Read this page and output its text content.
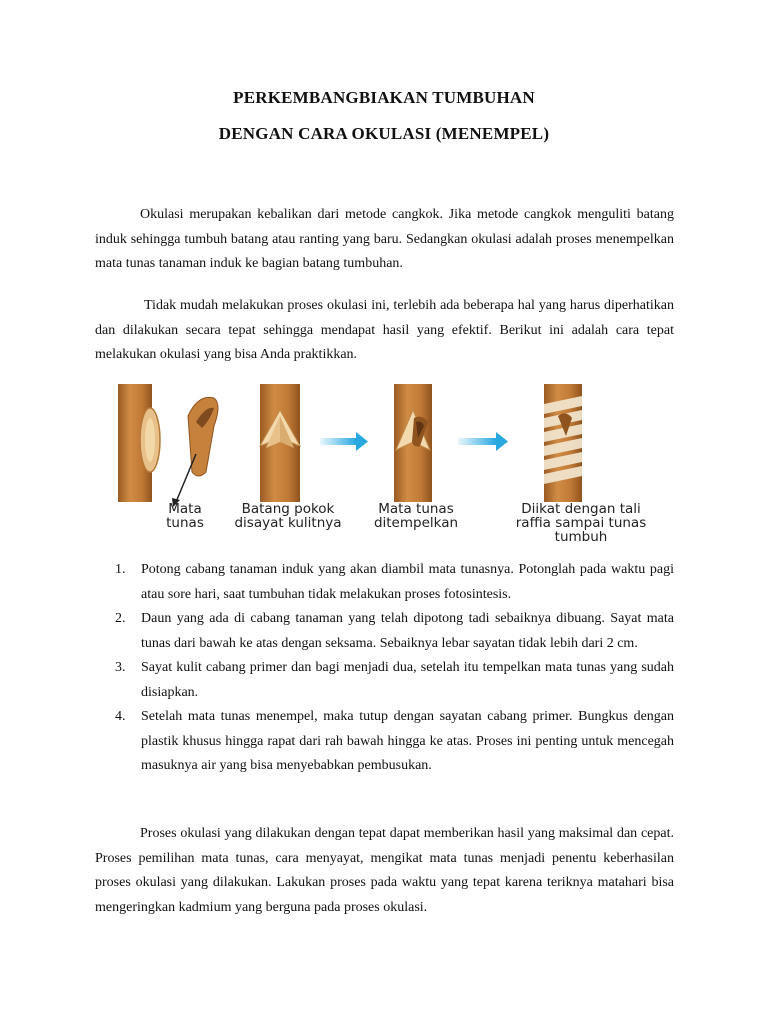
PERKEMBANGBIAKAN TUMBUHAN
DENGAN CARA OKULASI (MENEMPEL)

Okulasi merupakan kebalikan dari metode cangkok. Jika metode cangkok menguliti batang induk sehingga tumbuh batang atau ranting yang baru. Sedangkan okulasi adalah proses menempelkan mata tunas tanaman induk ke bagian batang tumbuhan.

Tidak mudah melakukan proses okulasi ini, terlebih ada beberapa hal yang harus diperhatikan dan dilakukan secara tepat sehingga mendapat hasil yang efektif. Berikut ini adalah cara tepat melakukan okulasi yang bisa Anda praktikkan.

Mata tunas
Batang pokok disayat kulitnya
Mata tunas ditempelkan
Diikat dengan tali raffia sampai tunas tumbuh
1. Potong cabang tanaman induk yang akan diambil mata tunasnya. Potonglah pada waktu pagi atau sore hari, saat tumbuhan tidak melakukan proses fotosintesis.
2. Daun yang ada di cabang tanaman yang telah dipotong tadi sebaiknya dibuang. Sayat mata tunas dari bawah ke atas dengan seksama. Sebaiknya lebar sayatan tidak lebih dari 2 cm.
3. Sayat kulit cabang primer dan bagi menjadi dua, setelah itu tempelkan mata tunas yang sudah disiapkan.
4. Setelah mata tunas menempel, maka tutup dengan sayatan cabang primer. Bungkus dengan plastik khusus hingga rapat dari rah bawah hingga ke atas. Proses ini penting untuk mencegah masuknya air yang bisa menyebabkan pembusukan.

Proses okulasi yang dilakukan dengan tepat dapat memberikan hasil yang maksimal dan cepat. Proses pemilihan mata tunas, cara menyayat, mengikat mata tunas menjadi penentu keberhasilan proses okulasi yang dilakukan. Lakukan proses pada waktu yang tepat karena teriknya matahari bisa mengeringkan kadmium yang berguna pada proses okulasi.
